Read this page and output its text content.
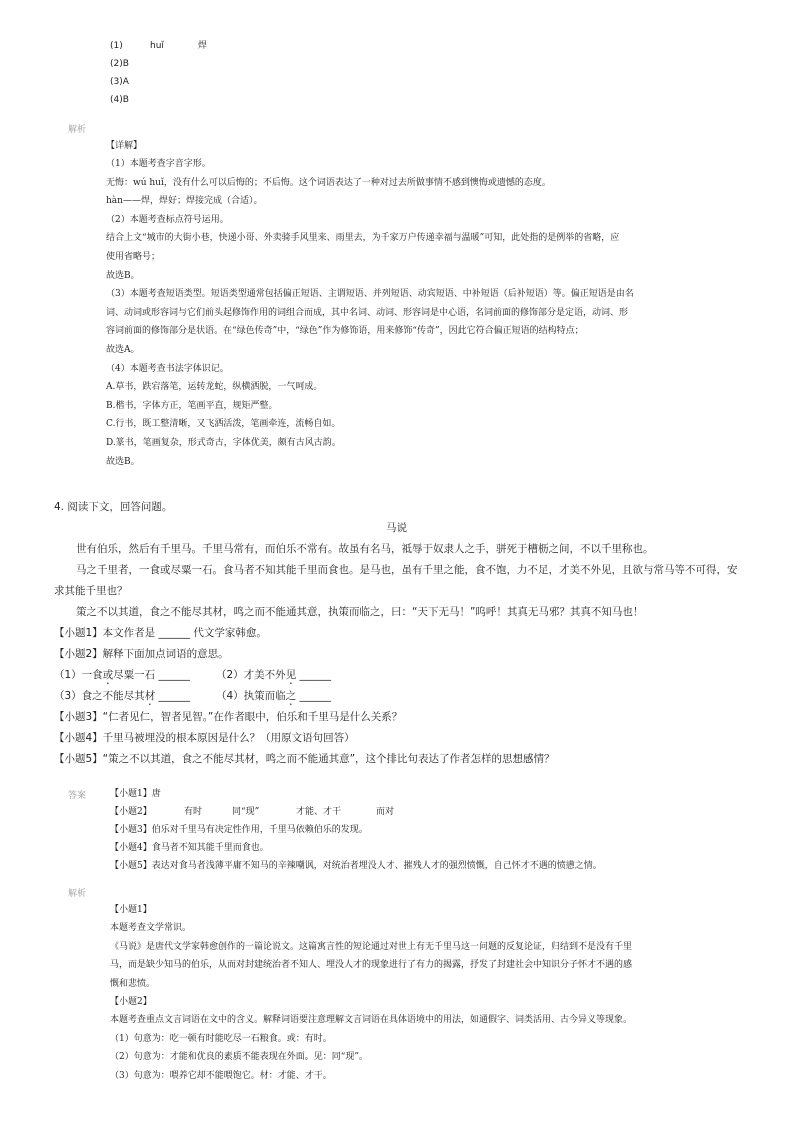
(1)	huǐ	焊
(2)B
(3)A
(4)B
解析
【详解】
（1）本题考查字音字形。
无悔：wú huǐ，没有什么可以后悔的；不后悔。这个词语表达了一种对过去所做事情不感到懊悔或遗憾的态度。
hàn——焊，焊好；焊接完成（合适）。
（2）本题考查标点符号运用。
结合上文“城市的大街小巷，快递小哥、外卖骑手风里来、雨里去，为千家万户传递幸福与温暖”可知，此处指的是例举的省略，应
使用省略号；
故选B。
（3）本题考查短语类型。短语类型通常包括偏正短语、主谓短语、并列短语、动宾短语、中补短语（后补短语）等。偏正短语是由名
词、动词或形容词与它们前头起修饰作用的词组合而成，其中名词、动词、形容词是中心语，名词前面的修饰部分是定语，动词、形
容词前面的修饰部分是状语。在“绿色传奇”中，“绿色”作为修饰语，用来修饰“传奇”，因此它符合偏正短语的结构特点；
故选A。
（4）本题考查书法字体识记。
A.草书，跌宕落笔，运转龙蛇，纵横洒脱，一气呵成。
B.楷书，字体方正，笔画平直，规矩严整。
C.行书，既工整清晰，又飞洒活泼，笔画牵连，流畅自如。
D.篆书，笔画复杂，形式奇古，字体优美，颇有古风古韵。
故选B。
4. 阅读下文，回答问题。
马说
世有伯乐，然后有千里马。千里马常有，而伯乐不常有。故虽有名马，祗辱于奴隶人之手，骈死于槽枥之间，不以千里称也。
马之千里者，一食或尽粟一石。食马者不知其能千里而食也。是马也，虽有千里之能，食不饱，力不足，才美不外见，且欲与常马等不可得，安
求其能千里也？
策之不以其道，食之不能尽其材，鸣之而不能通其意，执策而临之，曰：“天下无马！”呜呼！其真无马邪？其真不知马也！
【小题1】本文作者是 ______ 代文学家韩愈。
【小题2】解释下面加点词语的意思。
（1）一食或尽粟一石 ______ （2）才美不外见 ______
（3）食之不能尽其材 ______ （4）执策而临之 ______
【小题3】“仁者见仁，智者见智。”在作者眼中，伯乐和千里马是什么关系？
【小题4】千里马被埋没的根本原因是什么？（用原文语句回答）
【小题5】“策之不以其道，食之不能尽其材，鸣之而不能通其意”，这个排比句表达了作者怎样的思想感情？
答案	【小题1】唐
【小题2】	有时	同“现”	才能、才干	而对
【小题3】伯乐对千里马有决定性作用，千里马依赖伯乐的发现。
【小题4】食马者不知其能千里而食也。
【小题5】表达对食马者浅薄平庸不知马的辛辣嘲讽，对统治者埋没人才、摧残人才的强烈愤慨，自己怀才不遇的愤懑之情。
解析
【小题1】
本题考查文学常识。
《马说》是唐代文学家韩愈创作的一篇论说文。这篇寓言性的短论通过对世上有无千里马这一问题的反复论证，归结到不是没有千里
马，而是缺少知马的伯乐，从而对封建统治者不知人、埋没人才的现象进行了有力的揭露，抒发了封建社会中知识分子怀才不遇的感
慨和悲愤。
【小题2】
本题考查重点文言词语在文中的含义。解释词语要注意理解文言词语在具体语境中的用法，如通假字、词类活用、古今异义等现象。
（1）句意为：吃一顿有时能吃尽一石粮食。或：有时。
（2）句意为：才能和优良的素质不能表现在外面。见：同“现”。
（3）句意为：喂养它却不能喂饱它。材：才能、才干。
